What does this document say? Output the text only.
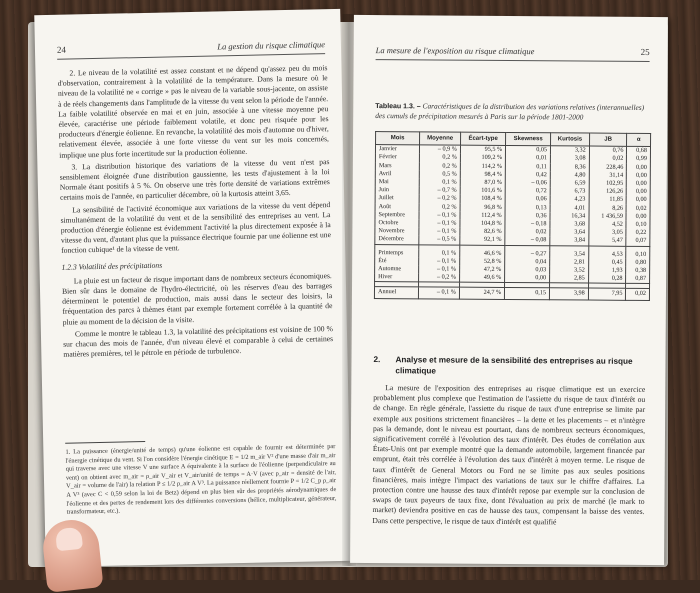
24	La gestion du risque climatique

2. Le niveau de la volatilité est assez constant et ne dépend qu'assez peu du mois d'observation, contrairement à la volatilité de la température. Dans la mesure où le niveau de la volatilité ne « corrige » pas le niveau de la variable sous-jacente, on assiste à de réels changements dans l'amplitude de la vitesse du vent selon la période de l'année. La faible volatilité observée en mai et en juin, associée à une vitesse moyenne peu élevée, caractérise une période faiblement volatile, et donc peu risquée pour les producteurs d'énergie éolienne. En revanche, la volatilité des mois d'automne ou d'hiver, relativement élevée, associée à une forte vitesse du vent sur les mois concernés, implique une plus forte incertitude sur la production éolienne.

3. La distribution historique des variations de la vitesse du vent n'est pas sensiblement éloignée d'une distribution gaussienne, les tests d'ajustement à la loi Normale étant positifs à 5 %. On observe une très forte densité de variations extrêmes certains mois de l'année, en particulier décembre, où la kurtosis atteint 3,65.

La sensibilité de l'activité économique aux variations de la vitesse du vent dépend simultanément de la volatilité du vent et de la sensibilité des entreprises au vent. La production d'énergie éolienne est évidemment l'activité la plus directement exposée à la vitesse du vent, d'autant plus que la puissance électrique fournie par une éolienne est une fonction cubique¹ de la vitesse de vent.

1.2.3 Volatilité des précipitations

La pluie est un facteur de risque important dans de nombreux secteurs économiques. Bien sûr dans le domaine de l'hydro-électricité, où les réserves d'eau des barrages déterminent le potentiel de production, mais aussi dans le secteur des loisirs, la fréquentation des parcs à thèmes étant par exemple fortement corrélée à la quantité de pluie au moment de la décision de la visite.

Comme le montre le tableau 1.3, la volatilité des précipitations est voisine de 100 % sur chacun des mois de l'année, d'un niveau élevé et comparable à celui de certaines matières premières, tel le pétrole en période de turbulence.

1. La puissance (énergie/unité de temps) qu'une éolienne est capable de fournir est déterminée par l'énergie cinétique du vent. Si l'on considère l'énergie cinétique E = 1/2 m_air V² d'une masse d'air m_air qui traverse avec une vitesse V une surface A équivalente à la surface de l'éolienne (perpendiculaire au vent) on obtient avec m_air = ρ_air V_air et V_air/unité de temps = A·V (avec ρ_air = densité de l'air, V_air = volume de l'air) la relation P ≤ 1/2 ρ_air A V³. La puissance réellement fournie P = 1/2 C_p ρ_air A V³ (avec C < 0,59 selon la loi de Betz) dépend en plus bien sûr des propriétés aérodynamiques de l'éolienne et des pertes de rendement lors des différentes conversions (hélice, multiplicateur, générateur, transformateur, etc.).

La mesure de l'exposition au risque climatique	25
Tableau 1.3. – Caractéristiques de la distribution des variations relatives (interannuelles) des cumuls de précipitation mesurés à Paris sur la période 1801-2000
Mois	Moyenne	Écart-type	Skewness	Kurtosis	JB	α
Janvier	– 0,9 %	95,5 %	0,05	3,32	0,76	0,68
Février	0,2 %	109,2 %	0,01	3,08	0,02	0,99
Mars	0,2 %	114,2 %	0,11	8,36	228,46	0,00
Avril	0,5 %	98,4 %	0,42	4,80	31,14	0,00
Mai	0,1 %	87,0 %	– 0,06	6,59	102,95	0,00
Juin	– 0,7 %	101,6 %	0,72	6,73	126,26	0,00
Juillet	– 0,2 %	108,4 %	0,06	4,23	11,85	0,00
Août	0,2 %	96,8 %	0,13	4,01	8,26	0,02
Septembre	– 0,1 %	112,4 %	0,36	16,34	1 436,59	0,00
Octobre	– 0,1 %	104,8 %	– 0,18	3,68	4,52	0,10
Novembre	– 0,1 %	82,6 %	0,02	3,64	3,05	0,22
Décembre	– 0,5 %	92,1 %	– 0,08	3,84	5,47	0,07

Printemps	0,1 %	46,6 %	– 0,27	3,54	4,53	0,10
Été	– 0,1 %	52,8 %	0,04	2,81	0,45	0,80
Automne	– 0,1 %	47,2 %	0,03	3,52	1,93	0,38
Hiver	– 0,2 %	49,6 %	0,00	2,85	0,28	0,87

Annuel	– 0,1 %	24,7 %	0,15	3,98	7,95	0,02
2. Analyse et mesure de la sensibilité des entreprises au risque climatique

La mesure de l'exposition des entreprises au risque climatique est un exercice probablement plus complexe que l'estimation de l'assiette du risque de taux d'intérêt ou de change. En règle générale, l'assiette du risque de taux d'une entreprise se limite par exemple aux positions strictement financières – la dette et les placements – et n'intègre pas la demande, dont le niveau est pourtant, dans de nombreux secteurs économiques, significativement corrélé à l'évolution des taux d'intérêt. Des études de corrélation aux États-Unis ont par exemple montré que la demande automobile, largement financée par emprunt, était très corrélée à l'évolution des taux d'intérêt à moyen terme. Le risque de taux d'intérêt de General Motors ou Ford ne se limite pas aux seules positions financières, mais intègre l'impact des variations de taux sur le chiffre d'affaires. La protection contre une hausse des taux d'intérêt repose par exemple sur la conclusion de swaps de taux payeurs de taux fixe, dont l'évaluation au prix de marché (le mark to market) deviendra positive en cas de hausse des taux, compensant la baisse des ventes. Dans cette perspective, le risque de taux d'intérêt est qualifié
